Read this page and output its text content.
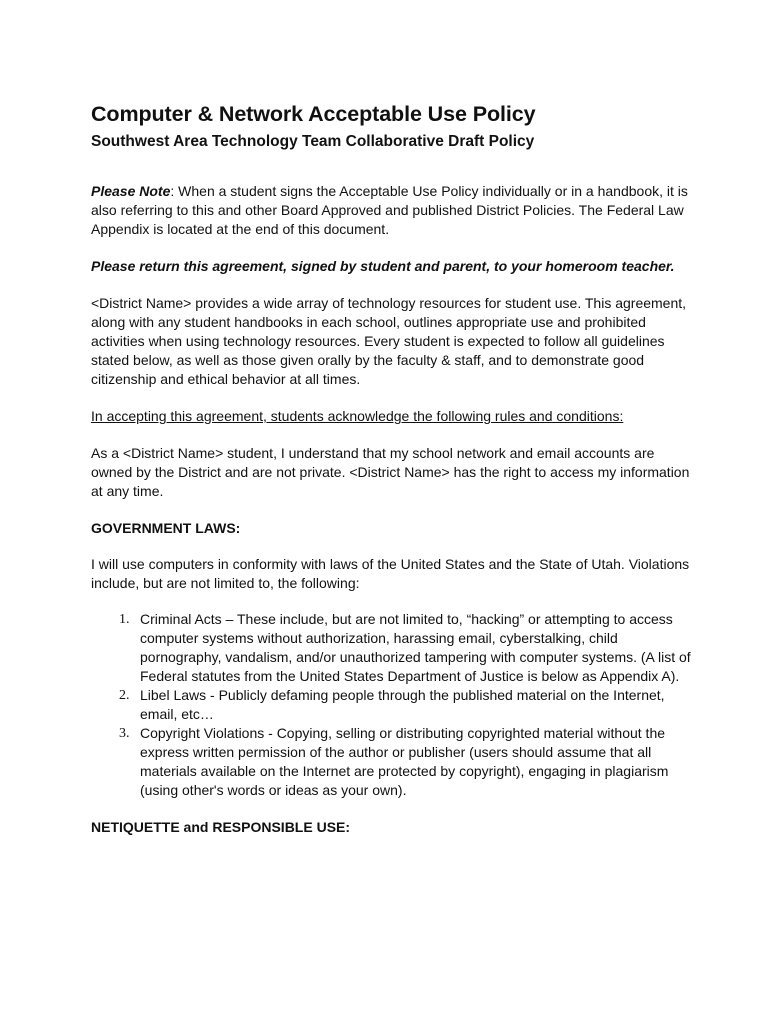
Computer & Network Acceptable Use Policy
Southwest Area Technology Team Collaborative Draft Policy

Please Note: When a student signs the Acceptable Use Policy individually or in a handbook, it is also referring to this and other Board Approved and published District Policies. The Federal Law Appendix is located at the end of this document.

Please return this agreement, signed by student and parent, to your homeroom teacher.

<District Name> provides a wide array of technology resources for student use. This agreement, along with any student handbooks in each school, outlines appropriate use and prohibited activities when using technology resources. Every student is expected to follow all guidelines stated below, as well as those given orally by the faculty & staff, and to demonstrate good citizenship and ethical behavior at all times.

In accepting this agreement, students acknowledge the following rules and conditions:

As a <District Name> student, I understand that my school network and email accounts are owned by the District and are not private. <District Name> has the right to access my information at any time.

GOVERNMENT LAWS:

I will use computers in conformity with laws of the United States and the State of Utah. Violations include, but are not limited to, the following:

1. Criminal Acts – These include, but are not limited to, “hacking” or attempting to access computer systems without authorization, harassing email, cyberstalking, child pornography, vandalism, and/or unauthorized tampering with computer systems. (A list of Federal statutes from the United States Department of Justice is below as Appendix A).
2. Libel Laws - Publicly defaming people through the published material on the Internet, email, etc…
3. Copyright Violations - Copying, selling or distributing copyrighted material without the express written permission of the author or publisher (users should assume that all materials available on the Internet are protected by copyright), engaging in plagiarism (using other's words or ideas as your own).
NETIQUETTE and RESPONSIBLE USE:
